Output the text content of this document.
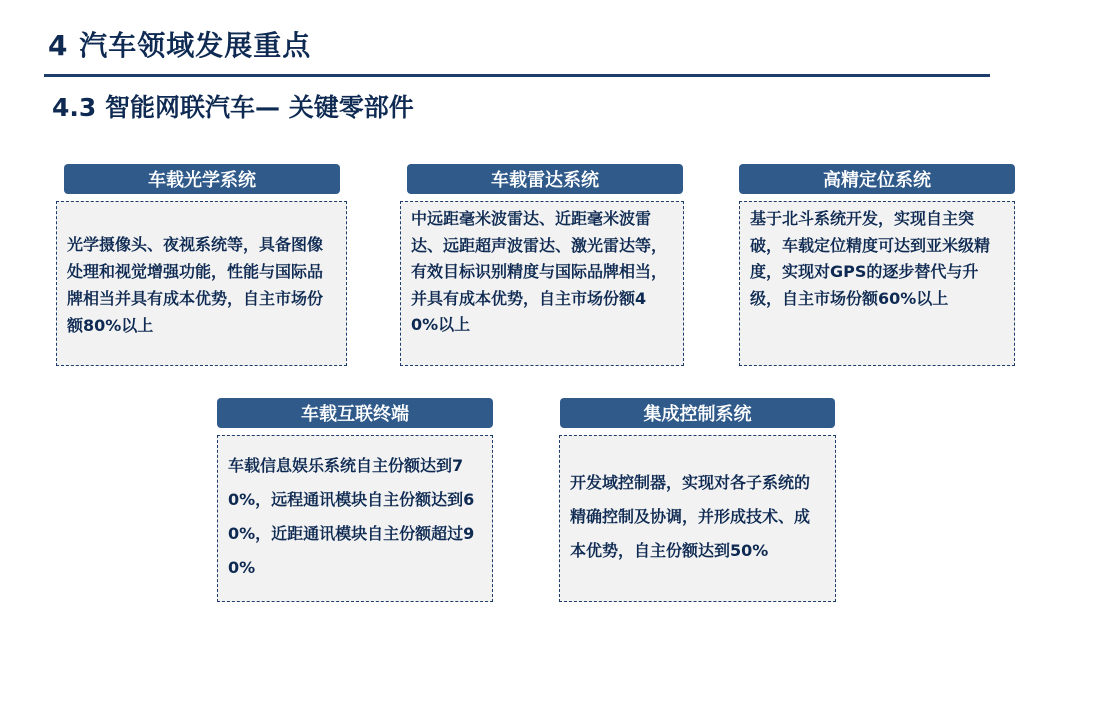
4 汽车领域发展重点
4.3 智能网联汽车— 关键零部件
车载光学系统
光学摄像头、夜视系统等，具备图像处理和视觉增强功能，性能与国际品牌相当并具有成本优势，自主市场份额80%以上
车载雷达系统
中远距毫米波雷达、近距毫米波雷达、远距超声波雷达、激光雷达等，有效目标识别精度与国际品牌相当，并具有成本优势，自主市场份额40%以上
高精定位系统
基于北斗系统开发，实现自主突破，车载定位精度可达到亚米级精度，实现对GPS的逐步替代与升级，自主市场份额60%以上
车载互联终端
车载信息娱乐系统自主份额达到70%，远程通讯模块自主份额达到60%，近距通讯模块自主份额超过90%
集成控制系统
开发域控制器，实现对各子系统的精确控制及协调，并形成技术、成本优势，自主份额达到50%
